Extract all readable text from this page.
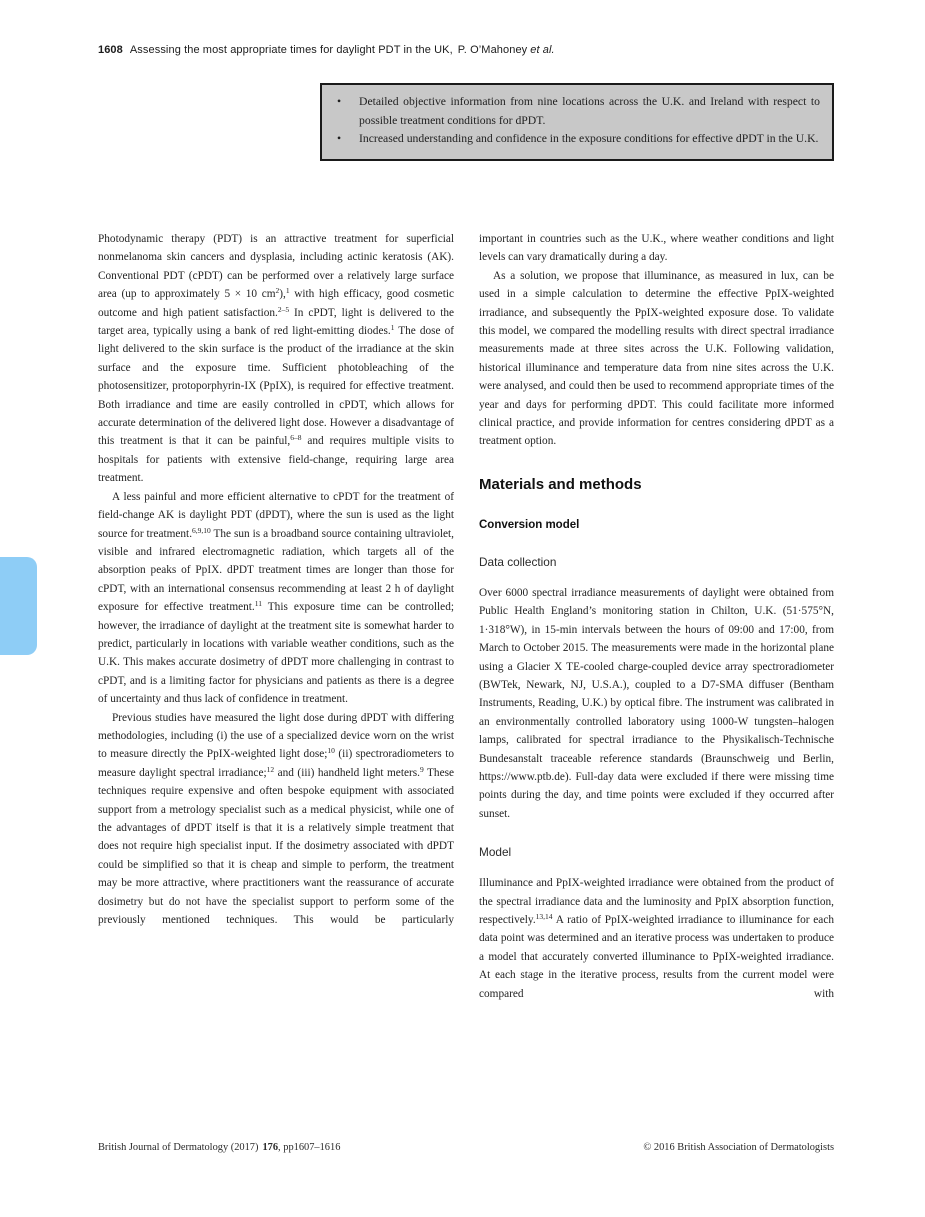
1608 Assessing the most appropriate times for daylight PDT in the UK, P. O’Mahoney et al.
•	Detailed objective information from nine locations across the U.K. and Ireland with respect to possible treatment conditions for dPDT.
•	Increased understanding and confidence in the exposure conditions for effective dPDT in the U.K.

Photodynamic therapy (PDT) is an attractive treatment for superficial nonmelanoma skin cancers and dysplasia, including actinic keratosis (AK). Conventional PDT (cPDT) can be performed over a relatively large surface area (up to approximately 5 × 10 $cm^2),^1$ with high efficacy, good cosmetic outcome and high patient satisfaction.$^{2-5}$ In cPDT, light is delivered to the target area, typically using a bank of red light-emitting diodes.$^1$ The dose of light delivered to the skin surface is the product of the irradiance at the skin surface and the exposure time. Sufficient photobleaching of the photosensitizer, protoporphyrin-IX (PpIX), is required for effective treatment. Both irradiance and time are easily controlled in cPDT, which allows for accurate determination of the delivered light dose. However a disadvantage of this treatment is that it can be painful,$^{6-8}$ and requires multiple visits to hospitals for patients with extensive field-change, requiring large area treatment.

A less painful and more efficient alternative to cPDT for the treatment of field-change AK is daylight PDT (dPDT), where the sun is used as the light source for treatment.$^{6,9,10}$ The sun is a broadband source containing ultraviolet, visible and infrared electromagnetic radiation, which targets all of the absorption peaks of PpIX. dPDT treatment times are longer than those for cPDT, with an international consensus recommending at least 2 h of daylight exposure for effective treatment.$^{11}$ This exposure time can be controlled; however, the irradiance of daylight at the treatment site is somewhat harder to predict, particularly in locations with variable weather conditions, such as the U.K. This makes accurate dosimetry of dPDT more challenging in contrast to cPDT, and is a limiting factor for physicians and patients as there is a degree of uncertainty and thus lack of confidence in treatment.

Previous studies have measured the light dose during dPDT with differing methodologies, including (i) the use of a specialized device worn on the wrist to measure directly the PpIX-weighted light dose;$^{10}$ (ii) spectroradiometers to measure daylight spectral irradiance;$^{12}$ and (iii) handheld light meters.$^9$ These techniques require expensive and often bespoke equipment with associated support from a metrology specialist such as a medical physicist, while one of the advantages of dPDT itself is that it is a relatively simple treatment that does not require high specialist input. If the dosimetry associated with dPDT could be simplified so that it is cheap and simple to perform, the treatment may be more attractive, where practitioners want the reassurance of accurate dosimetry but do not have the specialist support to perform some of the previously mentioned techniques. This would be particularly

important in countries such as the U.K., where weather conditions and light levels can vary dramatically during a day.

As a solution, we propose that illuminance, as measured in lux, can be used in a simple calculation to determine the effective PpIX-weighted irradiance, and subsequently the PpIX-weighted exposure dose. To validate this model, we compared the modelling results with direct spectral irradiance measurements made at three sites across the U.K. Following validation, historical illuminance and temperature data from nine sites across the U.K. were analysed, and could then be used to recommend appropriate times of the year and days for performing dPDT. This could facilitate more informed clinical practice, and provide information for centres considering dPDT as a treatment option.

Materials and methods
Conversion model
Data collection

Over 6000 spectral irradiance measurements of daylight were obtained from Public Health England’s monitoring station in Chilton, U.K. (51·575°N, 1·318°W), in 15-min intervals between the hours of 09:00 and 17:00, from March to October 2015. The measurements were made in the horizontal plane using a Glacier X TE-cooled charge-coupled device array spectroradiometer (BWTek, Newark, NJ, U.S.A.), coupled to a D7-SMA diffuser (Bentham Instruments, Reading, U.K.) by optical fibre. The instrument was calibrated in an environmentally controlled laboratory using 1000-W tungsten–halogen lamps, calibrated for spectral irradiance to the Physikalisch-Technische Bundesanstalt traceable reference standards (Braunschweig und Berlin, https://www.ptb.de). Full-day data were excluded if there were missing time points during the day, and time points were excluded if they occurred after sunset.

Model

Illuminance and PpIX-weighted irradiance were obtained from the product of the spectral irradiance data and the luminosity and PpIX absorption function, respectively.$^{13,14}$ A ratio of PpIX-weighted irradiance to illuminance for each data point was determined and an iterative process was undertaken to produce a model that accurately converted illuminance to PpIX-weighted irradiance. At each stage in the iterative process, results from the current model were compared with

British Journal of Dermatology (2017) 176, pp1607–1616	© 2016 British Association of Dermatologists
